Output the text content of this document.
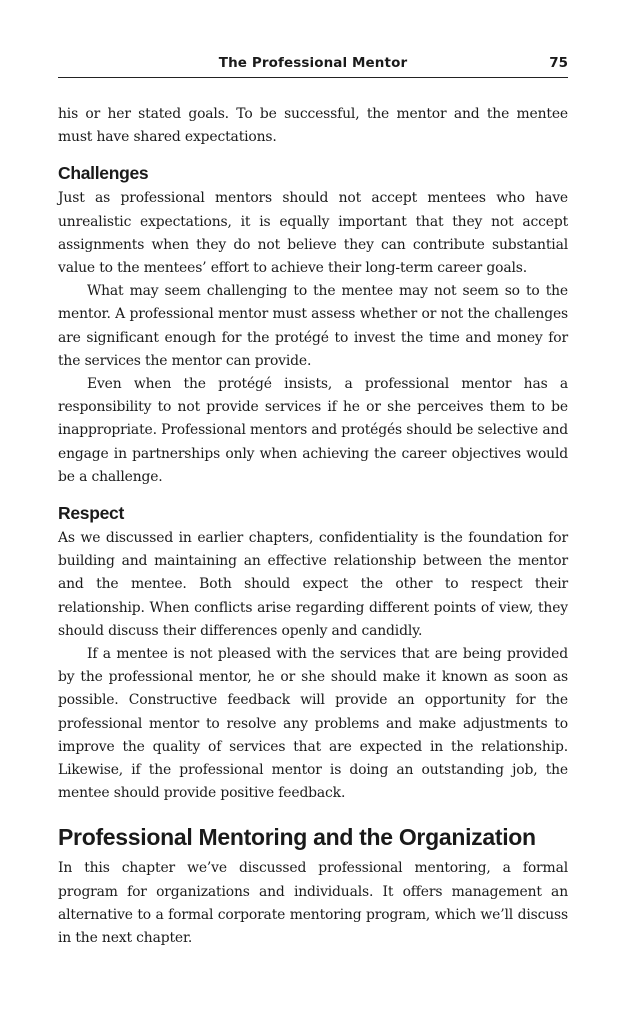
The Professional Mentor	75

his or her stated goals. To be successful, the mentor and the mentee must have shared expectations.

Challenges

Just as professional mentors should not accept mentees who have unrealistic expectations, it is equally important that they not accept assignments when they do not believe they can contribute substantial value to the mentees’ effort to achieve their long-term career goals.

What may seem challenging to the mentee may not seem so to the mentor. A professional mentor must assess whether or not the challenges are significant enough for the protégé to invest the time and money for the services the mentor can provide.

Even when the protégé insists, a professional mentor has a responsibility to not provide services if he or she perceives them to be inappropriate. Professional mentors and protégés should be selective and engage in partnerships only when achieving the career objectives would be a challenge.

Respect

As we discussed in earlier chapters, confidentiality is the foundation for building and maintaining an effective relationship between the mentor and the mentee. Both should expect the other to respect their relationship. When conflicts arise regarding different points of view, they should discuss their differences openly and candidly.

If a mentee is not pleased with the services that are being provided by the professional mentor, he or she should make it known as soon as possible. Constructive feedback will provide an opportunity for the professional mentor to resolve any problems and make adjustments to improve the quality of services that are expected in the relationship. Likewise, if the professional mentor is doing an outstanding job, the mentee should provide positive feedback.

Professional Mentoring and the Organization

In this chapter we’ve discussed professional mentoring, a formal program for organizations and individuals. It offers management an alternative to a formal corporate mentoring program, which we’ll discuss in the next chapter.
